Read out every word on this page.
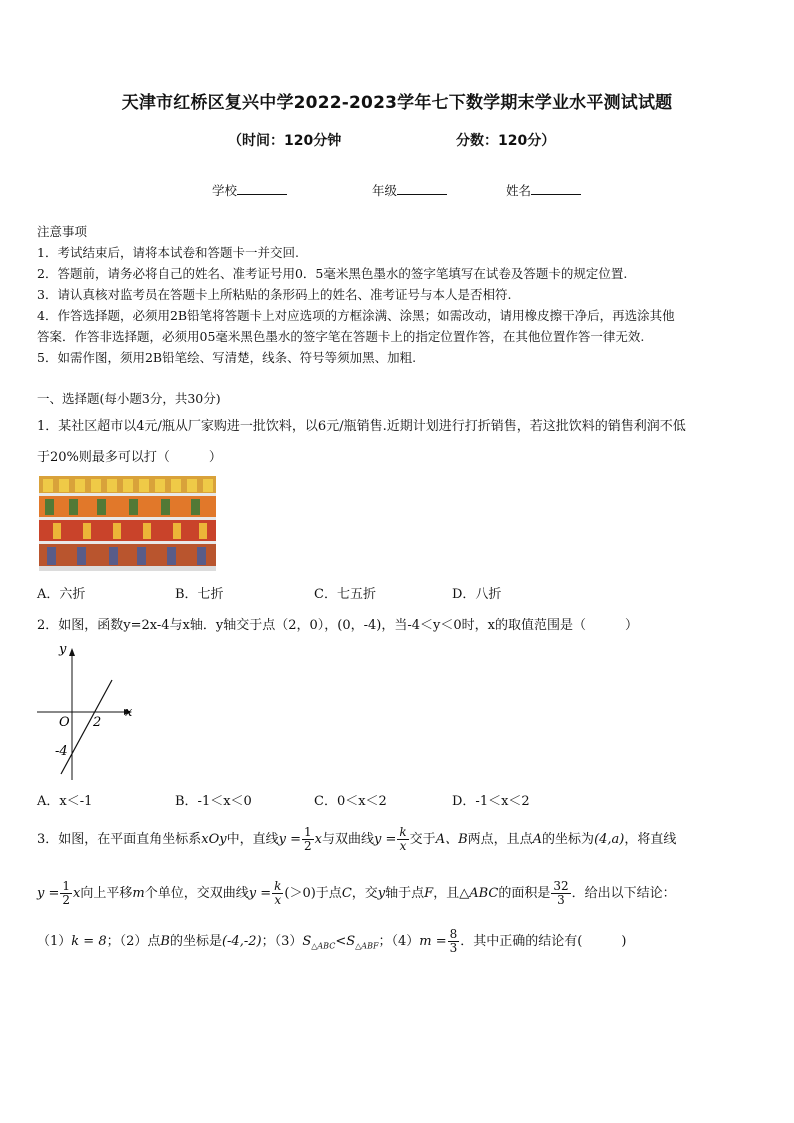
天津市红桥区复兴中学2022-2023学年七下数学期末学业水平测试试题
（时间：120分钟	分数：120分）
学校	年级	姓名
注意事项
1．考试结束后，请将本试卷和答题卡一并交回.
2．答题前，请务必将自己的姓名、准考证号用0．5毫米黑色墨水的签字笔填写在试卷及答题卡的规定位置.
3．请认真核对监考员在答题卡上所粘贴的条形码上的姓名、准考证号与本人是否相符.
4．作答选择题，必须用2B铅笔将答题卡上对应选项的方框涂满、涂黑；如需改动，请用橡皮擦干净后，再选涂其他
答案．作答非选择题，必须用05毫米黑色墨水的签字笔在答题卡上的指定位置作答，在其他位置作答一律无效.
5．如需作图，须用2B铅笔绘、写清楚，线条、符号等须加黑、加粗.
一、选择题(每小题3分，共30分)
1．某社区超市以4元/瓶从厂家购进一批饮料，以6元/瓶销售.近期计划进行打折销售，若这批饮料的销售利润不低
于20%则最多可以打（　　　）
A．六折	B．七折	C．七五折	D．八折
2．如图，函数y=2x-4与x轴．y轴交于点（2，0），(0，-4)，当-4＜y＜0时，x的取值范围是（　　　）
y
x
O 2
-4
A．x＜-1	B．-1＜x＜0	C．0＜x＜2	D．-1＜x＜2
3．如图，在平面直角坐标系xOy中，直线$y = \frac{1}{2}$ x与双曲线$y = \frac{k}{x}$ 交于A、B两点，且点A的坐标为(4,a)，将直线
$y = \frac{1}{2}$ x向上平移m个单位，交双曲线$y = \frac{k}{x} (>0)$于点C，交y轴于点F，且△ABC的面积是 $\frac{32}{3}$ ．给出以下结论：
（1）k = 8；（2）点B的坐标是(-4,-2)；$(3)S_{\triangle ABC}<S_{\triangle ABF}$；$(4)m = \frac{8}{3}$ ．其中正确的结论有(　　　)
